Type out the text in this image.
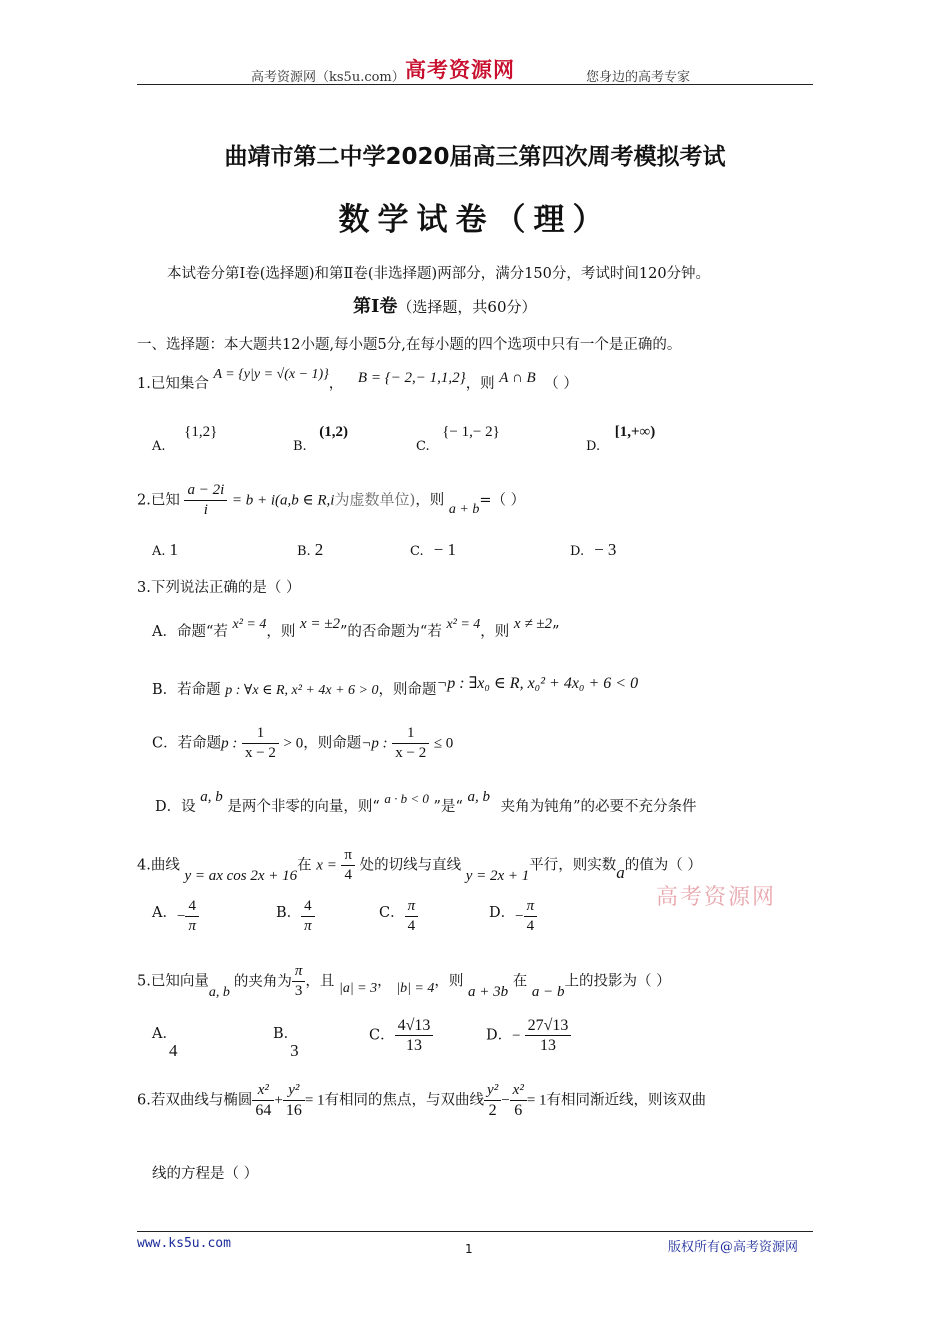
高考资源网（ks5u.com） 高考资源网	您身边的高考专家
曲靖市第二中学2020届高三第四次周考模拟考试
数学试卷（理）
本试卷分第Ⅰ卷(选择题)和第Ⅱ卷(非选择题)两部分，满分150分，考试时间120分钟。
第Ⅰ卷（选择题，共60分）
一、选择题：本大题共12小题,每小题5分,在每小题的四个选项中只有一个是正确的。
1.已知集合 A = {y|y = √(x − 1)}， B = {− 2,− 1,1,2}，则 A ∩ B （ ）
A. {1,2}
B. (1,2)
C. {− 1,− 2}
D. [1,+∞)
2.已知 $\frac{a - 2i}{i} = b + i(a,b$ ∈ R,i为虚数单位)，则 a + b=（ ）
A. 1	B. 2	C. − 1	D. − 3
3.下列说法正确的是（ ）
A．命题“若 x² = 4，则 x = ±2”的否命题为“若 x² = 4，则 x ≠ ±2”
B．若命题 p : ∀x ∈ R, x² + 4x + 6 > 0，则命题¬p : ∃x₀ ∈ R, x₀² + 4x₀ + 6 < 0
C．若命题p : $\frac{1}{x - 2} > 0$，则命题¬p : $\frac{1}{x - 2} \le 0$
D．设 a, b 是两个非零的向量，则“ a · b < 0 ”是“ a, b 夹角为钝角”的必要不充分条件
4.曲线 y = ax cos 2x + 16在 $x = \frac{\pi}{4}$ 处的切线与直线 y = 2x + 1平行，则实数a的值为（ ）
高考资源网
A．− $\frac{4}{\pi}$	B． $\frac{4}{\pi}$	C． $\frac{\pi}{4}$	D．− $\frac{\pi}{4}$
5.已知向量a, b的夹角为 $\frac{\pi}{3}$ ，且 |a| = 3， |b| = 4，则 a + 3b 在 a − b上的投影为（ ）
A．4
B．3
C． $\frac{4√13}{13}$	D．− $\frac{27√13}{13}$
6.若双曲线与椭圆 $\frac{\text{x²}}{64} + \frac{\text{y²}}{16} = 1$有相同的焦点，与双曲线 $\frac{\text{y²}}{2} - \frac{\text{x²}}{6} = 1$有相同渐近线，则该双曲
线的方程是（ ）
www.ks5u.com	1	版权所有@高考资源网
